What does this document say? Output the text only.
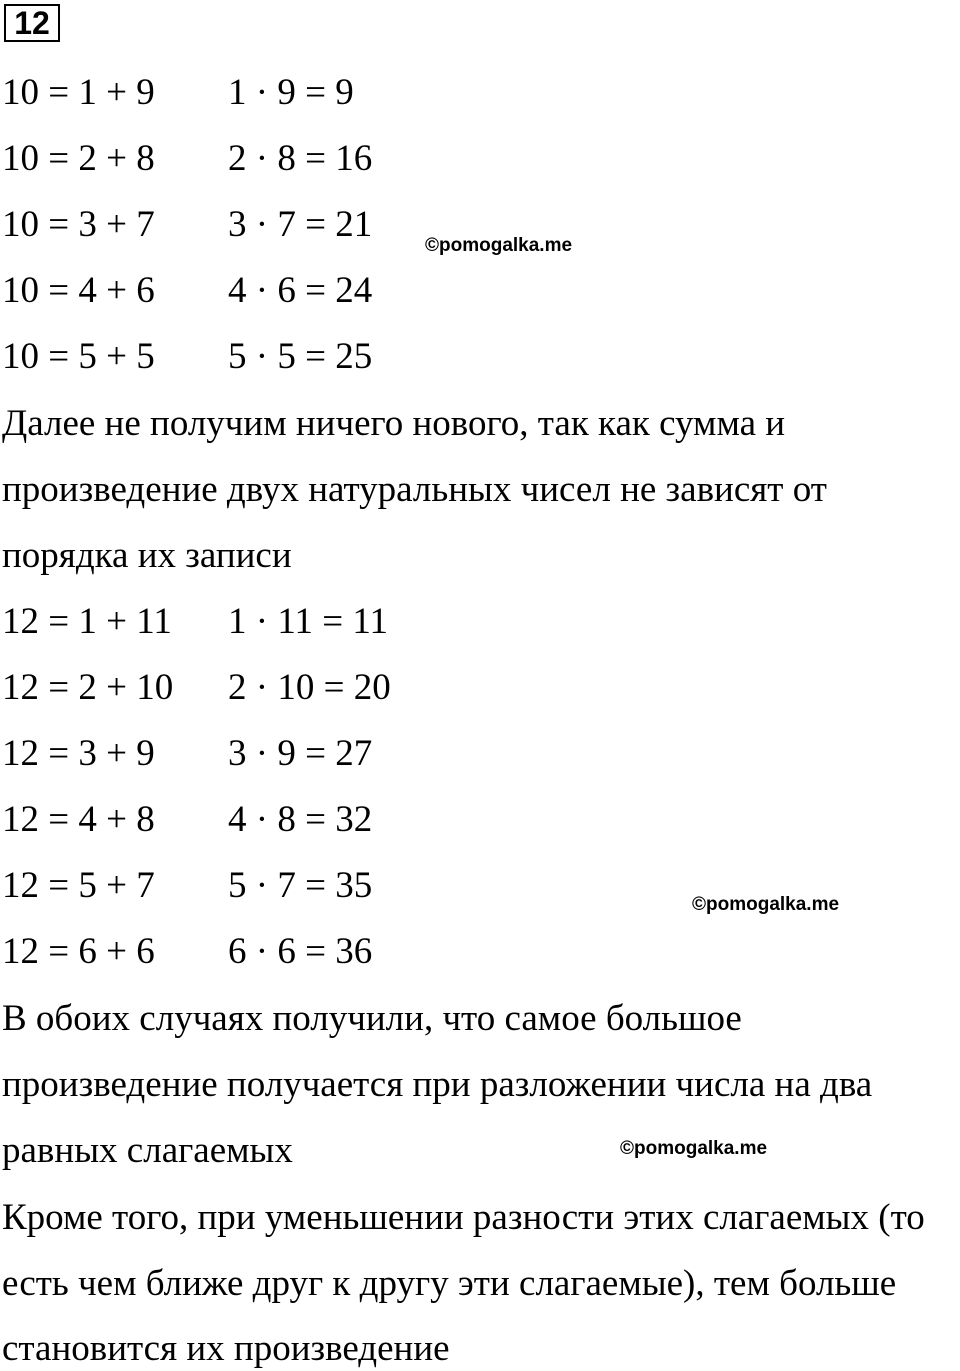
12
10 = 1 + 9 1 · 9 = 9
10 = 2 + 8 2 · 8 = 16
10 = 3 + 7 3 · 7 = 21
10 = 4 + 6 4 · 6 = 24
10 = 5 + 5 5 · 5 = 25
©pomogalka.me
Далее не получим ничего нового, так как сумма и
произведение двух натуральных чисел не зависят от
порядка их записи
12 = 1 + 11 1 · 11 = 11
12 = 2 + 10 2 · 10 = 20
12 = 3 + 9 3 · 9 = 27
12 = 4 + 8 4 · 8 = 32
12 = 5 + 7 5 · 7 = 35
12 = 6 + 6 6 · 6 = 36
©pomogalka.me
В обоих случаях получили, что самое большое
произведение получается при разложении числа на два
равных слагаемых	©pomogalka.me
Кроме того, при уменьшении разности этих слагаемых (то
есть чем ближе друг к другу эти слагаемые), тем больше
становится их произведение
